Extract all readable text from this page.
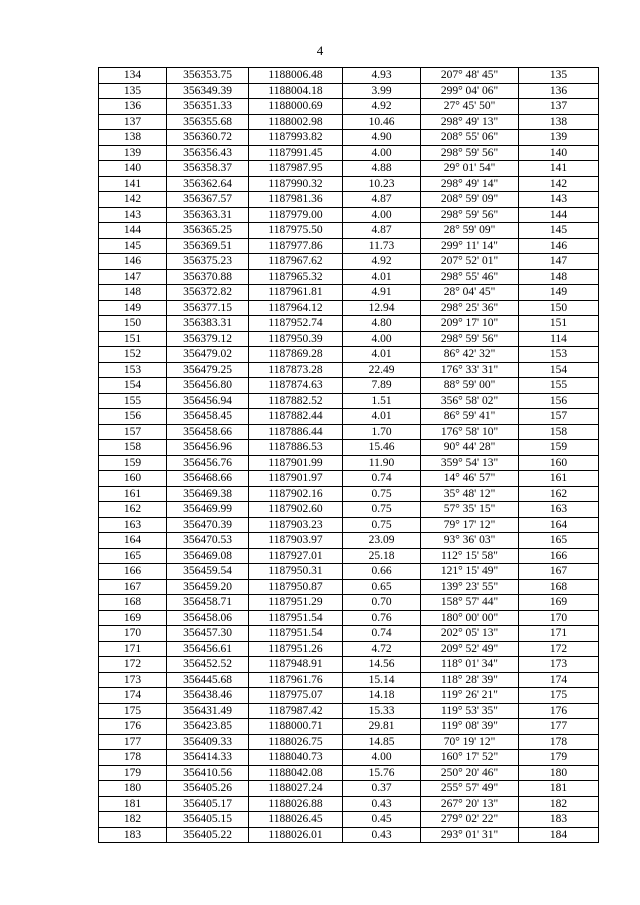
4
134	356353.75	1188006.48	4.93	207° 48' 45"	135
135	356349.39	1188004.18	3.99	299° 04' 06"	136
136	356351.33	1188000.69	4.92	27° 45' 50"	137
137	356355.68	1188002.98	10.46	298° 49' 13"	138
138	356360.72	1187993.82	4.90	208° 55' 06"	139
139	356356.43	1187991.45	4.00	298° 59' 56"	140
140	356358.37	1187987.95	4.88	29° 01' 54"	141
141	356362.64	1187990.32	10.23	298° 49' 14"	142
142	356367.57	1187981.36	4.87	208° 59' 09"	143
143	356363.31	1187979.00	4.00	298° 59' 56"	144
144	356365.25	1187975.50	4.87	28° 59' 09"	145
145	356369.51	1187977.86	11.73	299° 11' 14"	146
146	356375.23	1187967.62	4.92	207° 52' 01"	147
147	356370.88	1187965.32	4.01	298° 55' 46"	148
148	356372.82	1187961.81	4.91	28° 04' 45"	149
149	356377.15	1187964.12	12.94	298° 25' 36"	150
150	356383.31	1187952.74	4.80	209° 17' 10"	151
151	356379.12	1187950.39	4.00	298° 59' 56"	114
152	356479.02	1187869.28	4.01	86° 42' 32"	153
153	356479.25	1187873.28	22.49	176° 33' 31"	154
154	356456.80	1187874.63	7.89	88° 59' 00"	155
155	356456.94	1187882.52	1.51	356° 58' 02"	156
156	356458.45	1187882.44	4.01	86° 59' 41"	157
157	356458.66	1187886.44	1.70	176° 58' 10"	158
158	356456.96	1187886.53	15.46	90° 44' 28"	159
159	356456.76	1187901.99	11.90	359° 54' 13"	160
160	356468.66	1187901.97	0.74	14° 46' 57"	161
161	356469.38	1187902.16	0.75	35° 48' 12"	162
162	356469.99	1187902.60	0.75	57° 35' 15"	163
163	356470.39	1187903.23	0.75	79° 17' 12"	164
164	356470.53	1187903.97	23.09	93° 36' 03"	165
165	356469.08	1187927.01	25.18	112° 15' 58"	166
166	356459.54	1187950.31	0.66	121° 15' 49"	167
167	356459.20	1187950.87	0.65	139° 23' 55"	168
168	356458.71	1187951.29	0.70	158° 57' 44"	169
169	356458.06	1187951.54	0.76	180° 00' 00"	170
170	356457.30	1187951.54	0.74	202° 05' 13"	171
171	356456.61	1187951.26	4.72	209° 52' 49"	172
172	356452.52	1187948.91	14.56	118° 01' 34"	173
173	356445.68	1187961.76	15.14	118° 28' 39"	174
174	356438.46	1187975.07	14.18	119° 26' 21"	175
175	356431.49	1187987.42	15.33	119° 53' 35"	176
176	356423.85	1188000.71	29.81	119° 08' 39"	177
177	356409.33	1188026.75	14.85	70° 19' 12"	178
178	356414.33	1188040.73	4.00	160° 17' 52"	179
179	356410.56	1188042.08	15.76	250° 20' 46"	180
180	356405.26	1188027.24	0.37	255° 57' 49"	181
181	356405.17	1188026.88	0.43	267° 20' 13"	182
182	356405.15	1188026.45	0.45	279° 02' 22"	183
183	356405.22	1188026.01	0.43	293° 01' 31"	184
